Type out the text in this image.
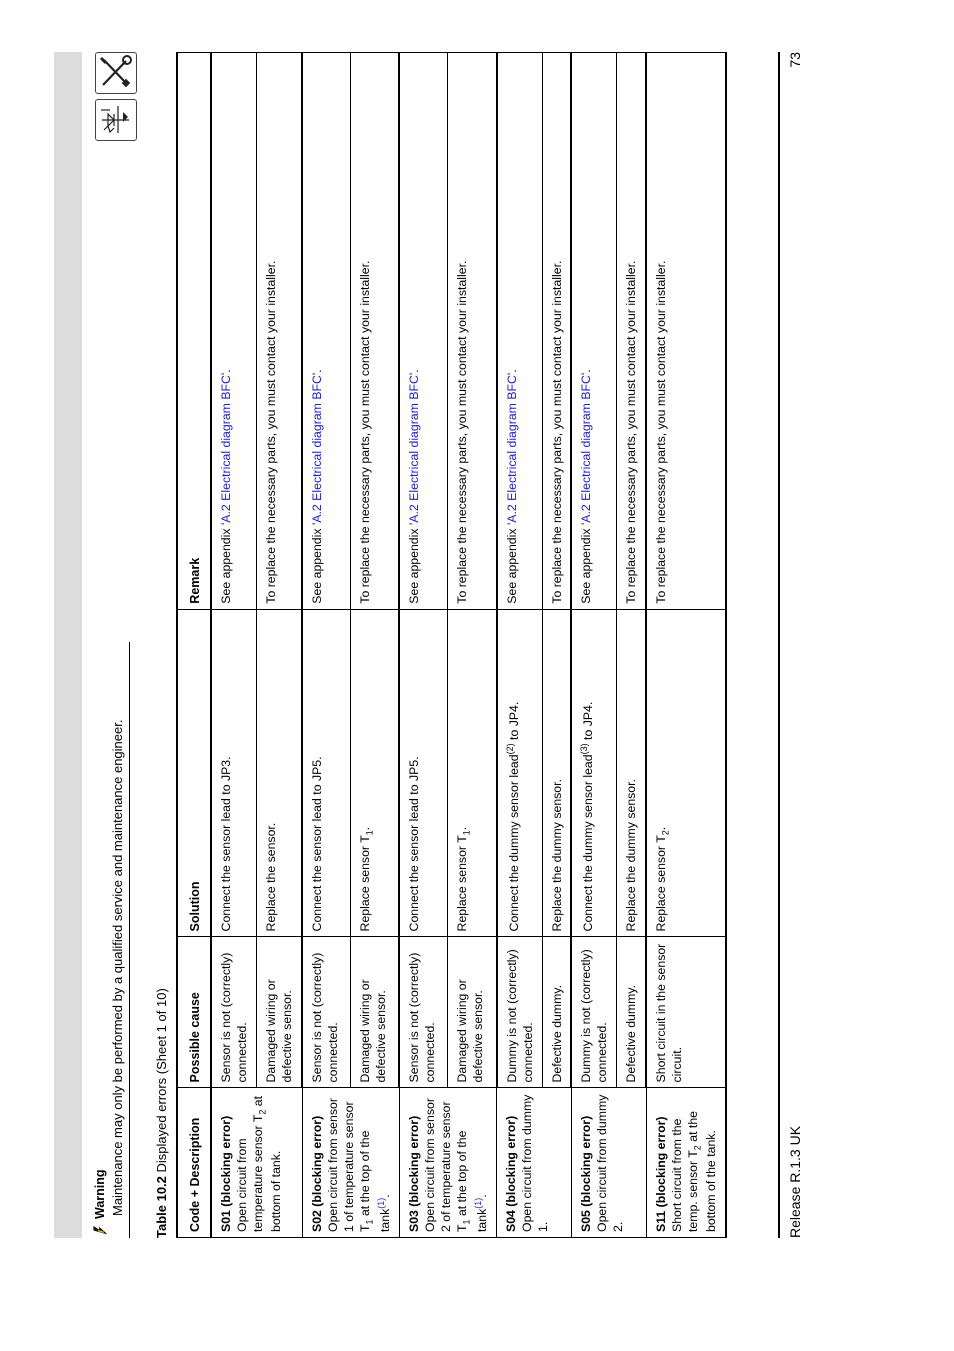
Warning Maintenance may only be performed by a qualified service and maintenance engineer. Table 10.2 Displayed errors (Sheet 1 of 10) Code + Description	Possible cause	Solution	Remark

S01 (blocking error) Open circuit from temperature sensor $T_2$ at bottom of tank.	Sensor is not (correctly) connected.	Connect the sensor lead to JP3.	See appendix 'A.2 Electrical diagram BFC'.
	Damaged wiring or defective sensor.	Replace the sensor.	To replace the necessary parts, you must contact your installer.

S02 (blocking error) Open circuit from sensor 1 of temperature sensor $T_1$ at the top of the tank$^{(1)}$.	Sensor is not (correctly) connected.	Connect the sensor lead to JP5.	See appendix 'A.2 Electrical diagram BFC'.
	Damaged wiring or defective sensor.	Replace sensor $T_1$.	To replace the necessary parts, you must contact your installer.

S03 (blocking error) Open circuit from sensor 2 of temperature sensor $T_1$ at the top of the tank$^{(1)}$.	Sensor is not (correctly) connected.	Connect the sensor lead to JP5.	See appendix 'A.2 Electrical diagram BFC'.
	Damaged wiring or defective sensor.	Replace sensor $T_1$.	To replace the necessary parts, you must contact your installer.

S04 (blocking error) Open circuit from dummy 1.	Dummy is not (correctly) connected.	Connect the dummy sensor lead$^{(2)}$ to JP4.	See appendix 'A.2 Electrical diagram BFC'.
	Defective dummy.	Replace the dummy sensor.	To replace the necessary parts, you must contact your installer.

S05 (blocking error) Open circuit from dummy 2.	Dummy is not (correctly) connected.	Connect the dummy sensor lead$^{(3)}$ to JP4.	See appendix 'A.2 Electrical diagram BFC'.
	Defective dummy.	Replace the dummy sensor.	To replace the necessary parts, you must contact your installer.

S11 (blocking error) Short circuit from the temp. sensor $T_2$ at the bottom of the tank.	Short circuit in the sensor circuit.	Replace sensor $T_2$.	To replace the necessary parts, you must contact your installer.
Release R.1.3 UK
73
